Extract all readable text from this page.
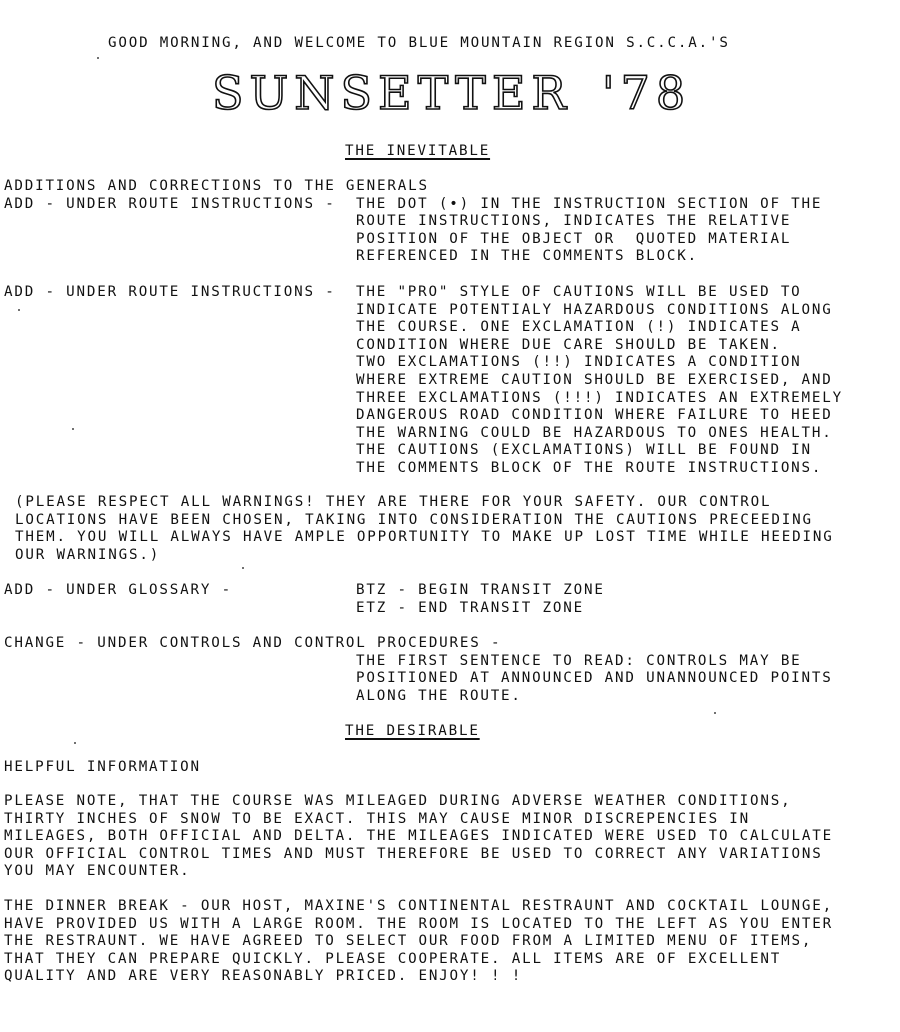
GOOD MORNING, AND WELCOME TO BLUE MOUNTAIN REGION S.C.C.A.'S
SUNSETTER '78
THE INEVITABLE
ADDITIONS AND CORRECTIONS TO THE GENERALS
ADD - UNDER ROUTE INSTRUCTIONS - THE DOT (•) IN THE INSTRUCTION SECTION OF THE
ROUTE INSTRUCTIONS, INDICATES THE RELATIVE
POSITION OF THE OBJECT OR  QUOTED MATERIAL
REFERENCED IN THE COMMENTS BLOCK.
ADD - UNDER ROUTE INSTRUCTIONS - THE "PRO" STYLE OF CAUTIONS WILL BE USED TO
INDICATE POTENTIALY HAZARDOUS CONDITIONS ALONG
THE COURSE. ONE EXCLAMATION (!) INDICATES A
CONDITION WHERE DUE CARE SHOULD BE TAKEN.
TWO EXCLAMATIONS (!!) INDICATES A CONDITION
WHERE EXTREME CAUTION SHOULD BE EXERCISED, AND
THREE EXCLAMATIONS (!!!) INDICATES AN EXTREMELY
DANGEROUS ROAD CONDITION WHERE FAILURE TO HEED
THE WARNING COULD BE HAZARDOUS TO ONES HEALTH.
THE CAUTIONS (EXCLAMATIONS) WILL BE FOUND IN
THE COMMENTS BLOCK OF THE ROUTE INSTRUCTIONS.
(PLEASE RESPECT ALL WARNINGS! THEY ARE THERE FOR YOUR SAFETY. OUR CONTROL
LOCATIONS HAVE BEEN CHOSEN, TAKING INTO CONSIDERATION THE CAUTIONS PRECEEDING
THEM. YOU WILL ALWAYS HAVE AMPLE OPPORTUNITY TO MAKE UP LOST TIME WHILE HEEDING
OUR WARNINGS.)
ADD - UNDER GLOSSARY -	BTZ - BEGIN TRANSIT ZONE
ETZ - END TRANSIT ZONE
CHANGE - UNDER CONTROLS AND CONTROL PROCEDURES -
THE FIRST SENTENCE TO READ: CONTROLS MAY BE
POSITIONED AT ANNOUNCED AND UNANNOUNCED POINTS
ALONG THE ROUTE.
THE DESIRABLE
HELPFUL INFORMATION
PLEASE NOTE, THAT THE COURSE WAS MILEAGED DURING ADVERSE WEATHER CONDITIONS,
THIRTY INCHES OF SNOW TO BE EXACT. THIS MAY CAUSE MINOR DISCREPENCIES IN
MILEAGES, BOTH OFFICIAL AND DELTA. THE MILEAGES INDICATED WERE USED TO CALCULATE
OUR OFFICIAL CONTROL TIMES AND MUST THEREFORE BE USED TO CORRECT ANY VARIATIONS
YOU MAY ENCOUNTER.
THE DINNER BREAK - OUR HOST, MAXINE'S CONTINENTAL RESTRAUNT AND COCKTAIL LOUNGE,
HAVE PROVIDED US WITH A LARGE ROOM. THE ROOM IS LOCATED TO THE LEFT AS YOU ENTER
THE RESTRAUNT. WE HAVE AGREED TO SELECT OUR FOOD FROM A LIMITED MENU OF ITEMS,
THAT THEY CAN PREPARE QUICKLY. PLEASE COOPERATE. ALL ITEMS ARE OF EXCELLENT
QUALITY AND ARE VERY REASONABLY PRICED. ENJOY! ! !
